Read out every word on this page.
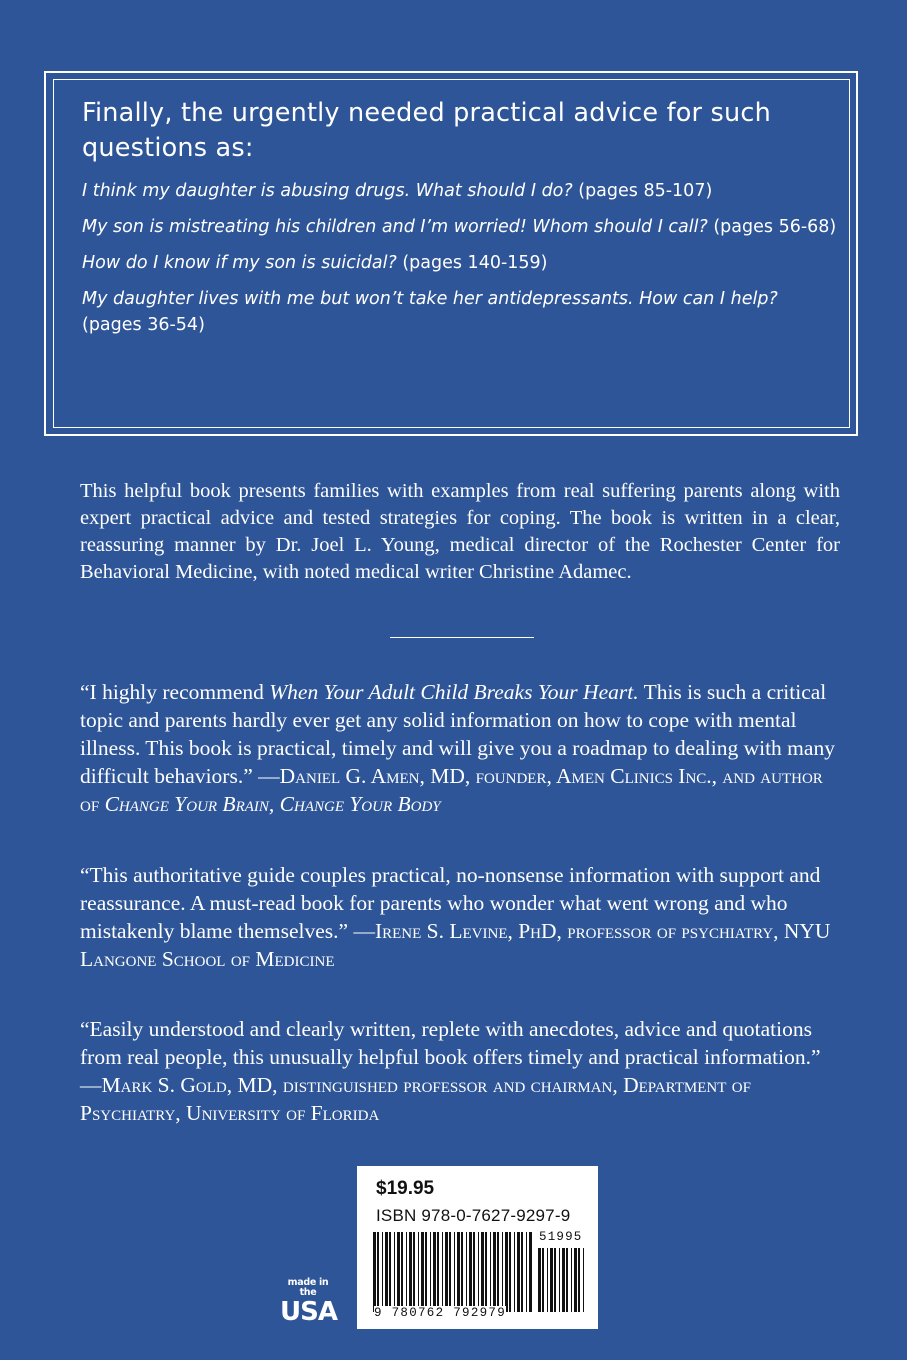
Finally, the urgently needed practical advice for such questions as:

I think my daughter is abusing drugs. What should I do? (pages 85-107)

My son is mistreating his children and I’m worried! Whom should I call? (pages 56-68)

How do I know if my son is suicidal? (pages 140-159)

My daughter lives with me but won’t take her antidepressants. How can I help? (pages 36-54)

This helpful book presents families with examples from real suffering parents along with expert practical advice and tested strategies for coping. The book is written in a clear, reassuring manner by Dr. Joel L. Young, medical director of the Rochester Center for Behavioral Medicine, with noted medical writer Christine Adamec.

“I highly recommend When Your Adult Child Breaks Your Heart. This is such a critical topic and parents hardly ever get any solid information on how to cope with mental illness. This book is practical, timely and will give you a roadmap to dealing with many difficult behaviors.” —Daniel G. Amen, MD, founder, Amen Clinics Inc., and author of Change Your Brain, Change Your Body

“This authoritative guide couples practical, no-nonsense information with support and reassurance. A must-read book for parents who wonder what went wrong and who mistakenly blame themselves.” —Irene S. Levine, PhD, professor of psychiatry, NYU Langone School of Medicine

“Easily understood and clearly written, replete with anecdotes, advice and quotations from real people, this unusually helpful book offers timely and practical information.” —Mark S. Gold, MD, distinguished professor and chairman, Department of Psychiatry, University of Florida

made in the
USA
$19.95
ISBN 978-0-7627-9297-9
51995
9 780762 792979
